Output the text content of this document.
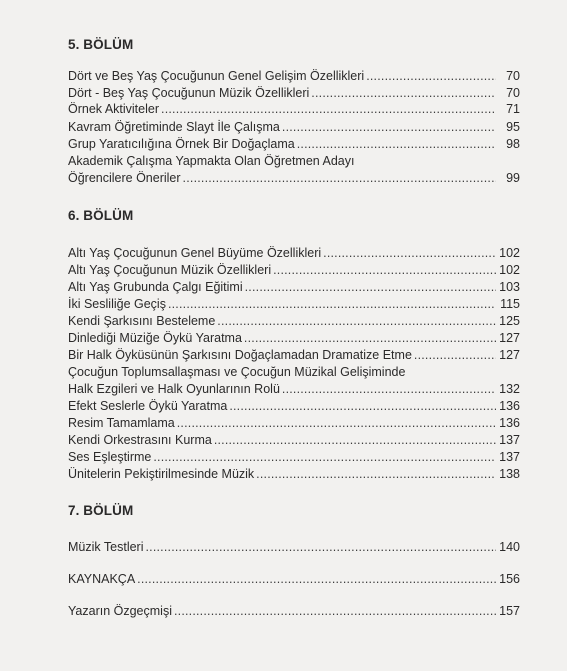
5. BÖLÜM
Dört ve Beş Yaş Çocuğunun Genel Gelişim Özellikleri .....	70
Dört - Beş Yaş Çocuğunun Müzik Özellikleri .....	70
Örnek Aktiviteler .....	71
Kavram Öğretiminde Slayt İle Çalışma .....	95
Grup Yaratıcılığına Örnek Bir Doğaçlama .....	98
Akademik Çalışma Yapmakta Olan Öğretmen Adayı
Öğrencilere Öneriler .....	99
6. BÖLÜM
Altı Yaş Çocuğunun Genel Büyüme Özellikleri .....	102
Altı Yaş Çocuğunun Müzik Özellikleri .....	102
Altı Yaş Grubunda Çalgı Eğitimi .....	103
İki Sesliliğe Geçiş .....	115
Kendi Şarkısını Besteleme .....	125
Dinlediği Müziğe Öykü Yaratma .....	127
Bir Halk Öyküsünün Şarkısını Doğaçlamadan Dramatize Etme .....	127
Çocuğun Toplumsallaşması ve Çocuğun Müzikal Gelişiminde
Halk Ezgileri ve Halk Oyunlarının Rolü .....	132
Efekt Seslerle Öykü Yaratma .....	136
Resim Tamamlama .....	136
Kendi Orkestrasını Kurma .....	137
Ses Eşleştirme .....	137
Ünitelerin Pekiştirilmesinde Müzik .....	138
7. BÖLÜM
Müzik Testleri .....	140
KAYNAKÇA .....	156
Yazarın Özgeçmişi .....	157
